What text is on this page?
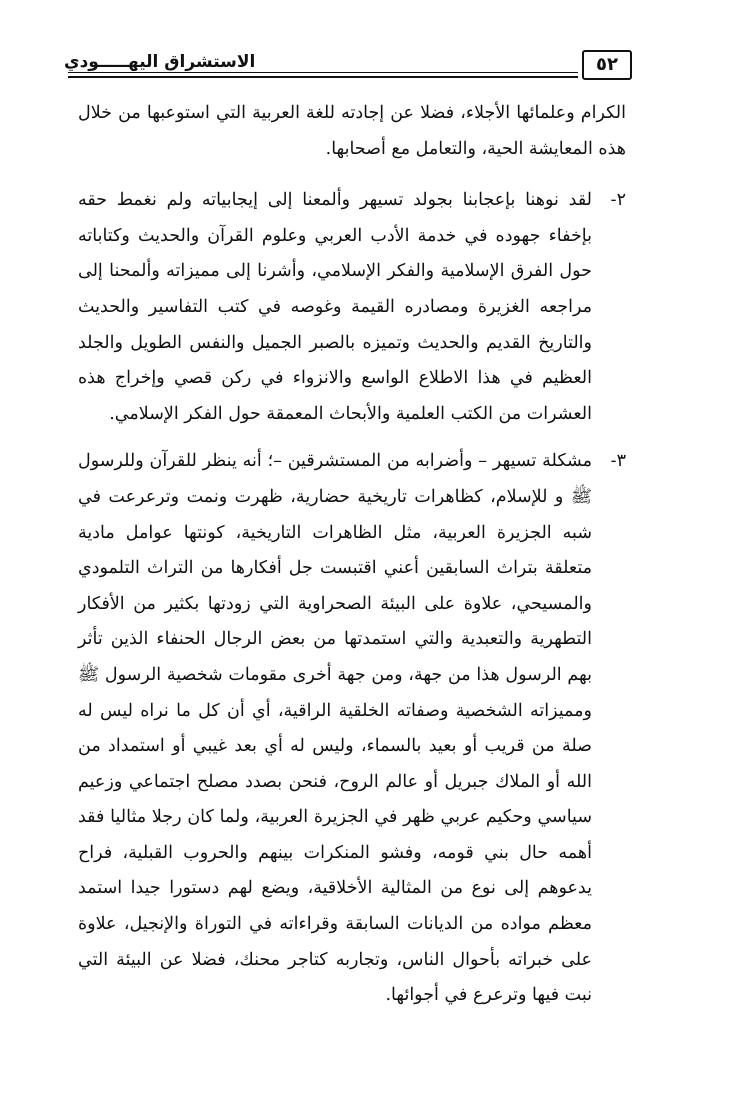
الاستشراق اليهـــــودي	٥٢

الكرام وعلمائها الأجلاء، فضلا عن إجادته للغة العربية التي استوعبها من خلال هذه المعايشة الحية، والتعامل مع أصحابها.

٢-
لقد نوهنا بإعجابنا بجولد تسيهر وألمعنا إلى إيجابياته ولم نغمط حقه بإخفاء جهوده في خدمة الأدب العربي وعلوم القرآن والحديث وكتاباته حول الفرق الإسلامية والفكر الإسلامي، وأشرنا إلى مميزاته وألمحنا إلى مراجعه الغزيرة ومصادره القيمة وغوصه في كتب التفاسير والحديث والتاريخ القديم والحديث وتميزه بالصبر الجميل والنفس الطويل والجلد العظيم في هذا الاطلاع الواسع والانزواء في ركن قصي وإخراج هذه العشرات من الكتب العلمية والأبحاث المعمقة حول الفكر الإسلامي.

٣-
مشكلة تسيهر – وأضرابه من المستشرقين –؛ أنه ينظر للقرآن وللرسول ﷺ و للإسلام، كظاهرات تاريخية حضارية، ظهرت ونمت وترعرعت في شبه الجزيرة العربية، مثل الظاهرات التاريخية، كونتها عوامل مادية متعلقة بتراث السابقين أعني اقتبست جل أفكارها من التراث التلمودي والمسيحي، علاوة على البيئة الصحراوية التي زودتها بكثير من الأفكار التطهرية والتعبدية والتي استمدتها من بعض الرجال الحنفاء الذين تأثر بهم الرسول هذا من جهة، ومن جهة أخرى مقومات شخصية الرسول ﷺ ومميزاته الشخصية وصفاته الخلقية الراقية، أي أن كل ما نراه ليس له صلة من قريب أو بعيد بالسماء، وليس له أي بعد غيبي أو استمداد من الله أو الملاك جبريل أو عالم الروح، فنحن بصدد مصلح اجتماعي وزعيم سياسي وحكيم عربي ظهر في الجزيرة العربية، ولما كان رجلا مثاليا فقد أهمه حال بني قومه، وفشو المنكرات بينهم والحروب القبلية، فراح يدعوهم إلى نوع من المثالية الأخلاقية، ويضع لهم دستورا جيدا استمد معظم مواده من الديانات السابقة وقراءاته في التوراة والإنجيل، علاوة على خبراته بأحوال الناس، وتجاربه كتاجر محنك، فضلا عن البيئة التي نبت فيها وترعرع في أجوائها.
